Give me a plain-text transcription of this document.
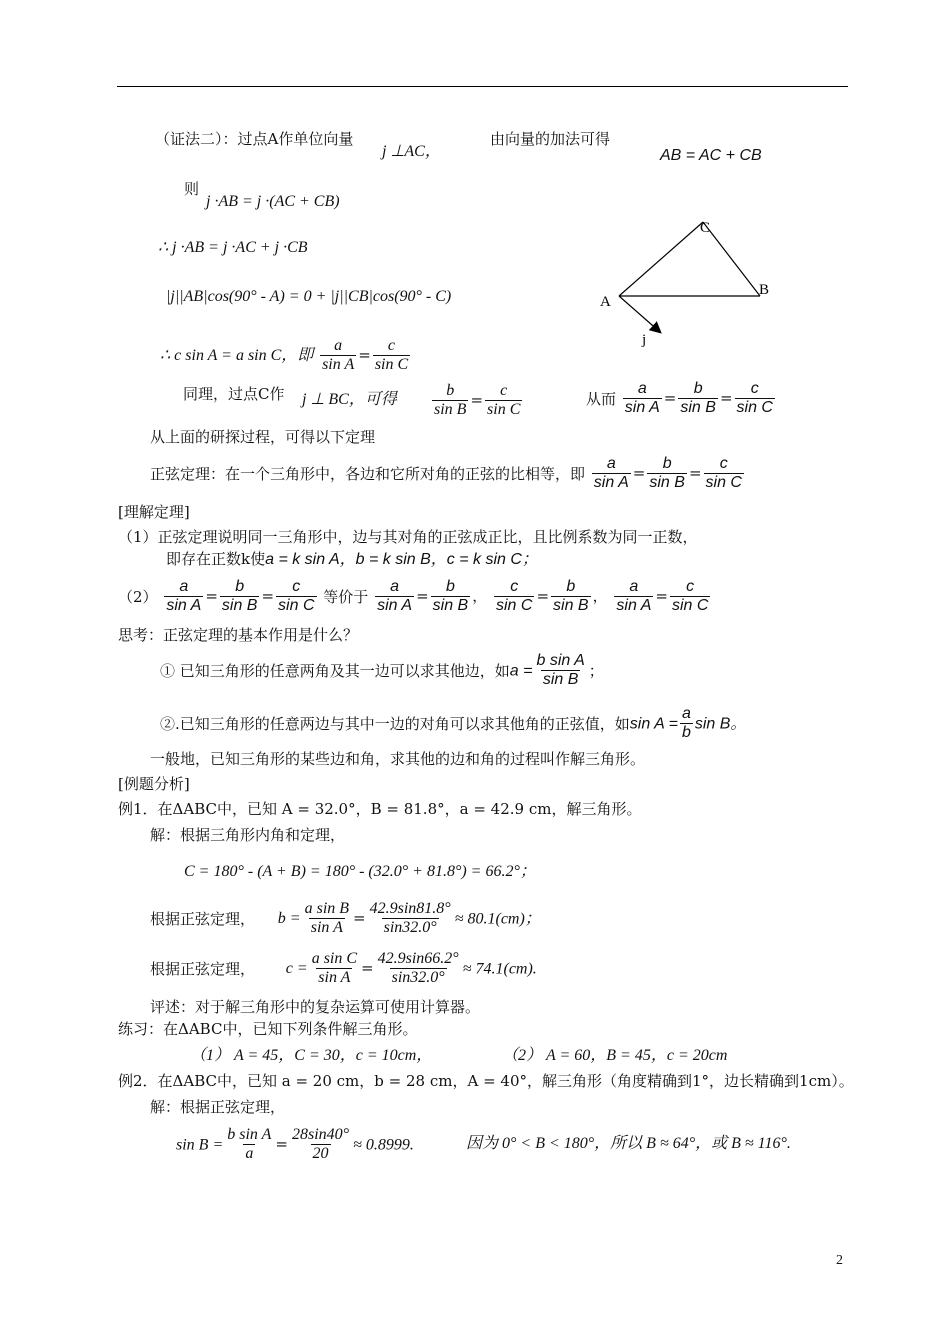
（证法二）：过点A作单位向量
j ⊥AC，
由向量的加法可得
AB = AC + CB
则
j ·AB = j ·(AC + CB)
∴ j ·AB = j ·AC + j ·CB
|j||AB|cos(90° - A) = 0 + |j||CB|cos(90° - C)
∴ c sin A = a sin C，即 $\frac{a}{\text{sin A}} = \frac{c}{\text{sin C}}$
同理，过点C作 j ⊥ BC，可得 $\frac{b}{\text{sin B}} = \frac{c}{\text{sin C}}$	从而 $\frac{a}{\text{sin A}} = \frac{b}{\text{sin B}} = \frac{c}{\text{sin C}}$
从上面的研探过程，可得以下定理
正弦定理：在一个三角形中，各边和它所对角的正弦的比相等，即 $\frac{a}{\text{sin A}} = \frac{b}{\text{sin B}} = \frac{c}{\text{sin C}}$
[理解定理]
（1）正弦定理说明同一三角形中，边与其对角的正弦成正比，且比例系数为同一正数，
即存在正数k使a = k sin A，b = k sin B，c = k sin C；
$(2) \frac{a}{\text{sin A}} = \frac{b}{\text{sin B}} = \frac{c}{\text{sin C}}$ 等价于 $\frac{a}{\text{sin A}} = \frac{b}{\text{sin B}}$ ， $\frac{c}{\text{sin C}} = \frac{b}{\text{sin B}}$ ， $\frac{a}{\text{sin A}} = \frac{c}{\text{sin C}}$
思考：正弦定理的基本作用是什么？
① 已知三角形的任意两角及其一边可以求其他边，如$a = \frac{\text{b sin A}}{\text{sin B}}$ ；
②.已知三角形的任意两边与其中一边的对角可以求其他角的正弦值，如$\sin A = \frac{a}{b}$ sin B。
一般地，已知三角形的某些边和角，求其他的边和角的过程叫作解三角形。
[例题分析]
例1．在ΔABC中，已知 A = 32.0°，B = 81.8°，a = 42.9 cm，解三角形。
解：根据三角形内角和定理，
C = 180° - (A + B) = 180° - (32.0° + 81.8°) = 66.2°；
根据正弦定理， $b = \frac{\text{a sin B}}{\text{sin A}} = \frac{42.9\sin 81.8^\circ}{\sin 32.0^\circ} \approx 80.1(cm)$；
根据正弦定理， $c = \frac{\text{a sin C}}{\text{sin A}} = \frac{42.9\sin 66.2^\circ}{\sin 32.0^\circ} \approx 74.1(cm)$.
评述：对于解三角形中的复杂运算可使用计算器。
练习：在ΔABC中，已知下列条件解三角形。
（1） A = 45，C = 30，c = 10cm，	（2） A = 60，B = 45，c = 20cm
例2．在ΔABC中，已知 a = 20 cm，b = 28 cm，A = 40°，解三角形（角度精确到1°，边长精确到1cm）。
解：根据正弦定理，
$\sin B = \frac{\text{b sin A}}{a} = \frac{28\sin 40^\circ}{20} \approx 0.8999$.	因为 0° < B < 180°，所以 B ≈ 64°，或 B ≈ 116°.
A
C
B
j
2
